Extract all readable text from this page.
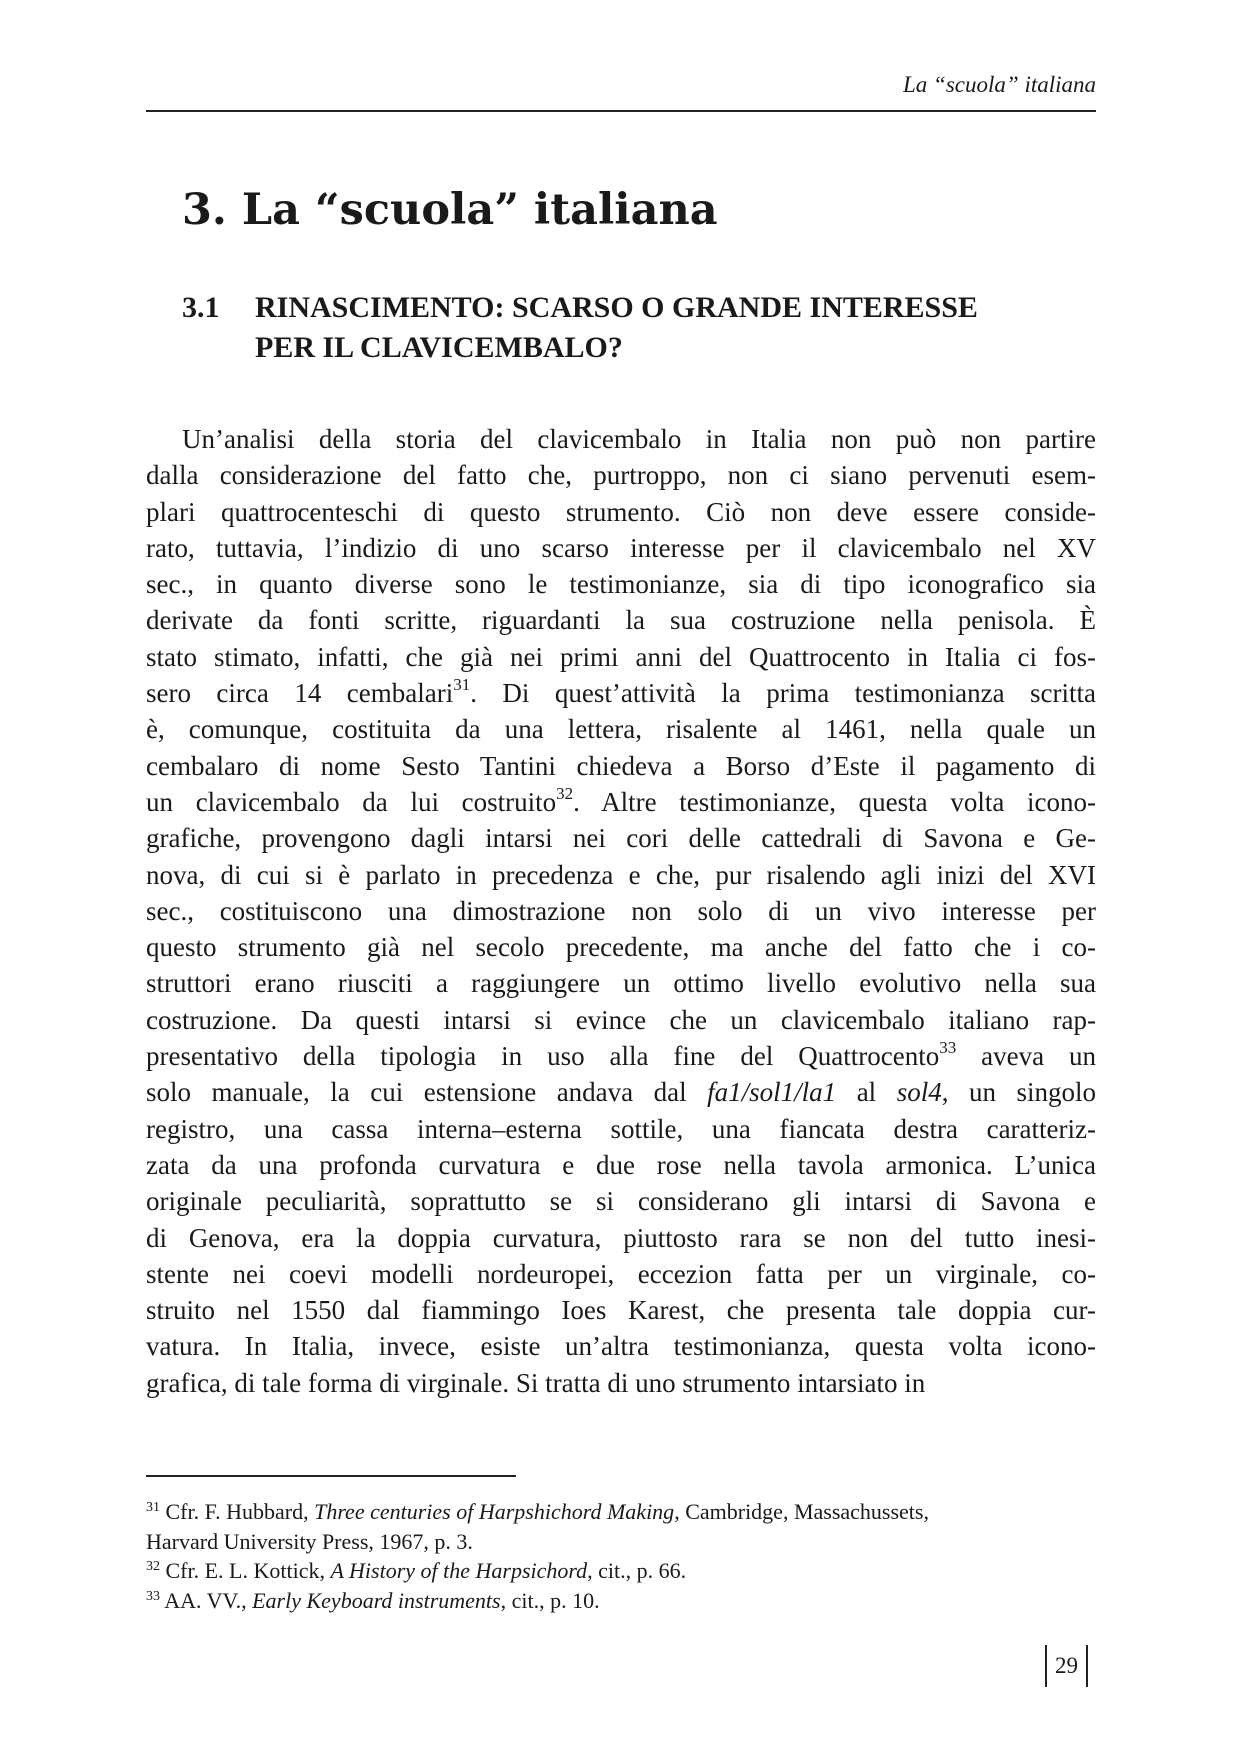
La “scuola” italiana
3. La “scuola” italiana
3.1 RINASCIMENTO: SCARSO O GRANDE INTERESSE
PER IL CLAVICEMBALO?
Un’analisi della storia del clavicembalo in Italia non può non partire
dalla considerazione del fatto che, purtroppo, non ci siano pervenuti esem-
plari quattrocenteschi di questo strumento. Ciò non deve essere conside-
rato, tuttavia, l’indizio di uno scarso interesse per il clavicembalo nel XV
sec., in quanto diverse sono le testimonianze, sia di tipo iconografico sia
derivate da fonti scritte, riguardanti la sua costruzione nella penisola. È
stato stimato, infatti, che già nei primi anni del Quattrocento in Italia ci fos-
sero circa 14 cembalari$^{31}$. Di quest’attività la prima testimonianza scritta
è, comunque, costituita da una lettera, risalente al 1461, nella quale un
cembalaro di nome Sesto Tantini chiedeva a Borso d’Este il pagamento di
un clavicembalo da lui costruito$^{32}$. Altre testimonianze, questa volta icono-
grafiche, provengono dagli intarsi nei cori delle cattedrali di Savona e Ge-
nova, di cui si è parlato in precedenza e che, pur risalendo agli inizi del XVI
sec., costituiscono una dimostrazione non solo di un vivo interesse per
questo strumento già nel secolo precedente, ma anche del fatto che i co-
struttori erano riusciti a raggiungere un ottimo livello evolutivo nella sua
costruzione. Da questi intarsi si evince che un clavicembalo italiano rap-
presentativo della tipologia in uso alla fine del Quattrocento$^{33}$ aveva un
solo manuale, la cui estensione andava dal fa1/sol1/la1 al sol4, un singolo
registro, una cassa interna–esterna sottile, una fiancata destra caratteriz-
zata da una profonda curvatura e due rose nella tavola armonica. L’unica
originale peculiarità, soprattutto se si considerano gli intarsi di Savona e
di Genova, era la doppia curvatura, piuttosto rara se non del tutto inesi-
stente nei coevi modelli nordeuropei, eccezion fatta per un virginale, co-
struito nel 1550 dal fiammingo Ioes Karest, che presenta tale doppia cur-
vatura. In Italia, invece, esiste un’altra testimonianza, questa volta icono-
grafica, di tale forma di virginale. Si tratta di uno strumento intarsiato in
$^{31}$ Cfr. F. Hubbard, Three centuries of Harpshichord Making, Cambridge, Massachussets,
Harvard University Press, 1967, p. 3.
$^{32}$ Cfr. E. L. Kottick, A History of the Harpsichord, cit., p. 66.
$^{33}$ AA. VV., Early Keyboard instruments, cit., p. 10.
29
